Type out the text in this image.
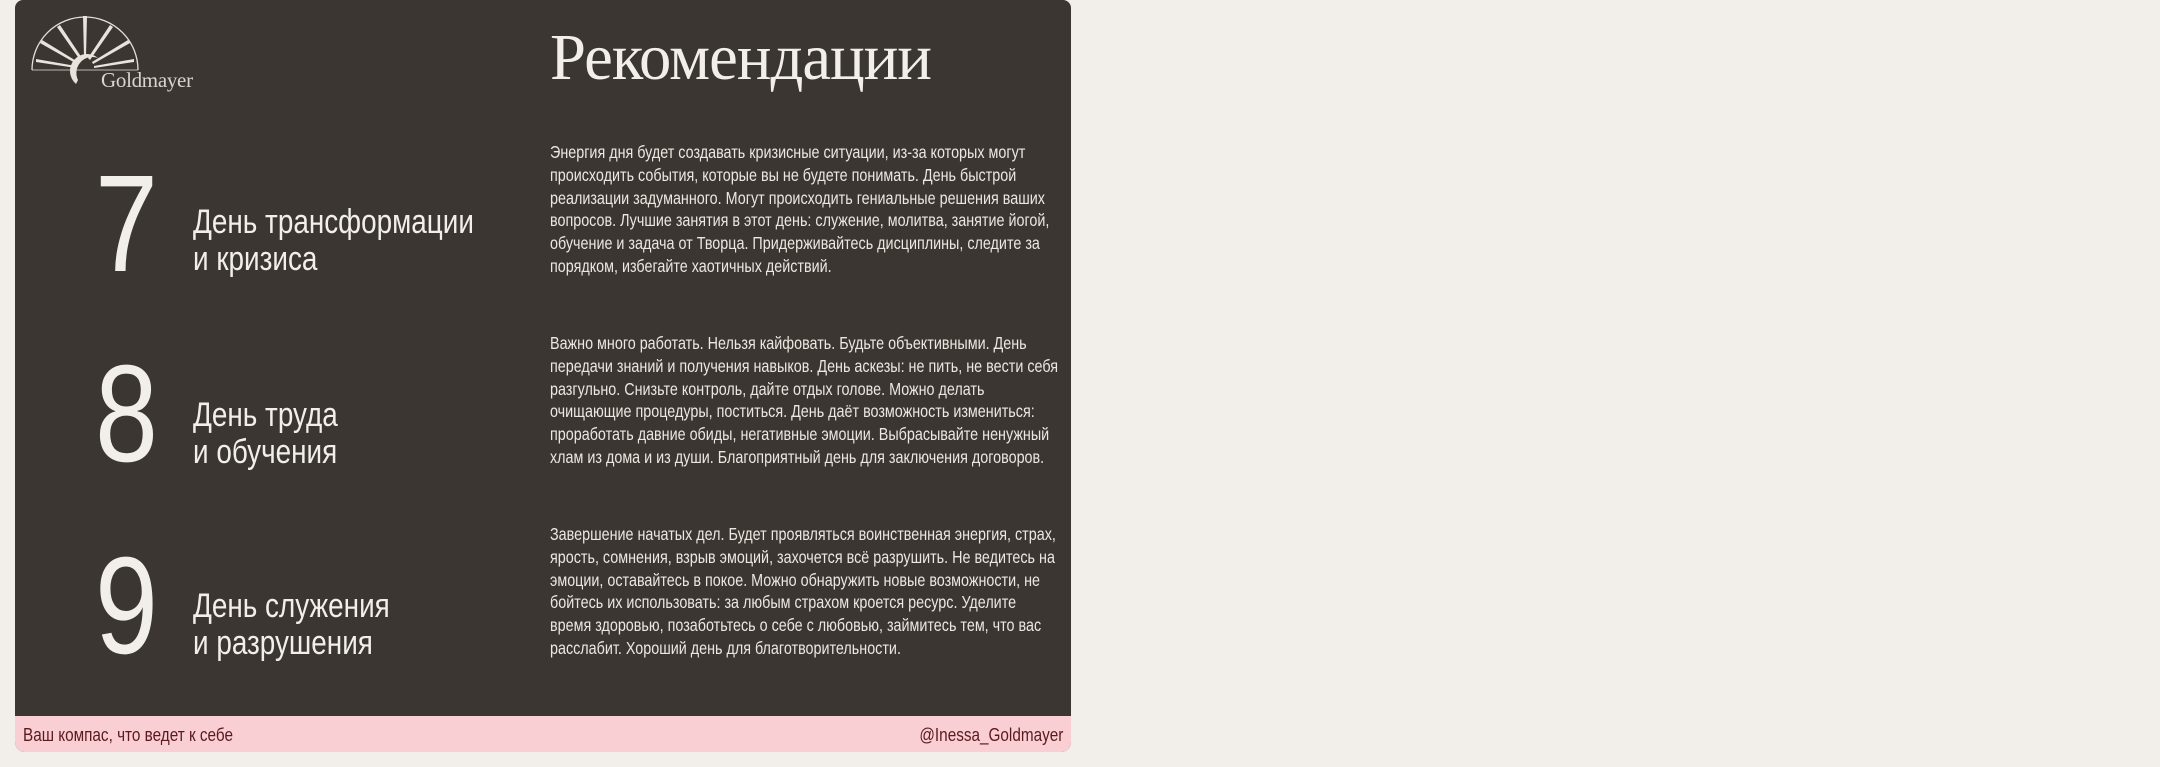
Goldmayer	Рекомендации
7 День трансформации
и кризиса
Энергия дня будет создавать кризисные ситуации, из-за которых могут происходить события, которые вы не будете понимать. День быстрой реализации задуманного. Могут происходить гениальные решения ваших вопросов. Лучшие занятия в этот день: служение, молитва, занятие йогой, обучение и задача от Творца. Придерживайтесь дисциплины, следите за порядком, избегайте хаотичных действий.
8 День труда
и обучения
Важно много работать. Нельзя кайфовать. Будьте объективными. День передачи знаний и получения навыков. День аскезы: не пить, не вести себя разгульно. Снизьте контроль, дайте отдых голове. Можно делать очищающие процедуры, поститься. День даёт возможность измениться: проработать давние обиды, негативные эмоции. Выбрасывайте ненужный хлам из дома и из души. Благоприятный день для заключения договоров.
9 День служения
и разрушения
Завершение начатых дел. Будет проявляться воинственная энергия, страх, ярость, сомнения, взрыв эмоций, захочется всё разрушить. Не ведитесь на эмоции, оставайтесь в покое. Можно обнаружить новые возможности, не бойтесь их использовать: за любым страхом кроется ресурс. Уделите время здоровью, позаботьтесь о себе с любовью, займитесь тем, что вас расслабит. Хороший день для благотворительности.
Ваш компас, что ведет к себе	@Inessa_Goldmayer
